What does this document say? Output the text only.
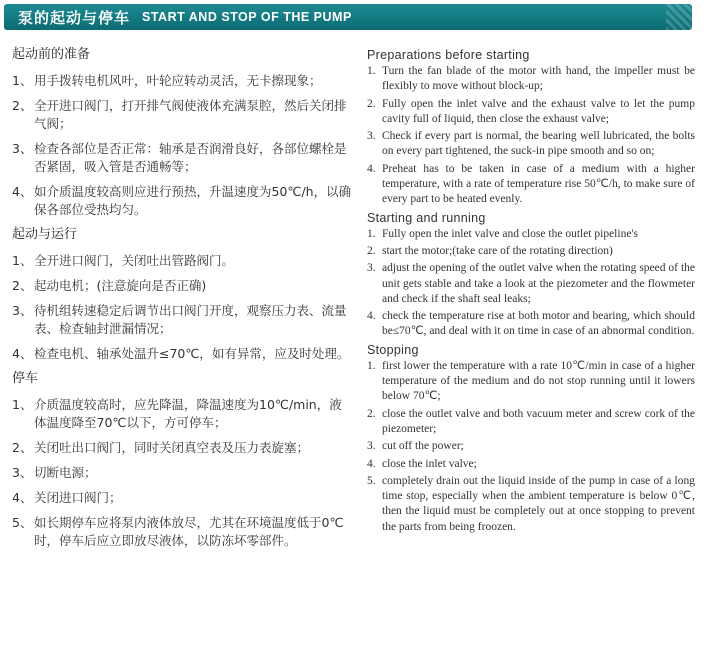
泵的起动与停车 START AND STOP OF THE PUMP
起动前的准备
1、 用手拨转电机风叶，叶轮应转动灵活，无卡擦现象；
2、 全开进口阀门，打开排气阀使液体充满泵腔，然后关闭排气阀；
3、 检查各部位是否正常：轴承是否润滑良好，各部位螺栓是否紧固，吸入管是否通畅等；
4、 如介质温度较高则应进行预热，升温速度为50℃/h，以确保各部位受热均匀。
起动与运行
1、 全开进口阀门，关闭吐出管路阀门。
2、 起动电机；(注意旋向是否正确)
3、 待机组转速稳定后调节出口阀门开度，观察压力表、流量表、检查轴封泄漏情况；
4、 检查电机、轴承处温升≤70℃，如有异常，应及时处理。
停车
1、 介质温度较高时，应先降温，降温速度为10℃/min，液体温度降至70℃以下，方可停车；
2、 关闭吐出口阀门，同时关闭真空表及压力表旋塞；
3、 切断电源；
4、 关闭进口阀门；
5、 如长期停车应将泵内液体放尽，尤其在环境温度低于0℃时，停车后应立即放尽液体，以防冻坏零部件。
Preparations before starting
1. Turn the fan blade of the motor with hand, the impeller must be flexibly to move without block-up;
2. Fully open the inlet valve and the exhaust valve to let the pump cavity full of liquid, then close the exhaust valve;
3. Check if every part is normal, the bearing well lubricated, the bolts on every part tightened, the suck-in pipe smooth and so on;
4. Preheat has to be taken in case of a medium with a higher temperature, with a rate of temperature rise 50℃/h, to make sure of every part to be heated evenly.
Starting and running
1. Fully open the inlet valve and close the outlet pipeline's
2. start the motor;(take care of the rotating direction)
3. adjust the opening of the outlet valve when the rotating speed of the unit gets stable and take a look at the piezometer and the flowmeter and check if the shaft seal leaks;
4. check the temperature rise at both motor and bearing, which should be≤70℃, and deal with it on time in case of an abnormal condition.
Stopping
1. first lower the temperature with a rate 10℃/min in case of a higher temperature of the medium and do not stop running until it lowers below 70℃;
2. close the outlet valve and both vacuum meter and screw cork of the piezometer;
3. cut off the power;
4. close the inlet valve;
5. completely drain out the liquid inside of the pump in case of a long time stop, especially when the ambient temperature is below 0℃, then the liquid must be completely out at once stopping to prevent the parts from being froozen.
